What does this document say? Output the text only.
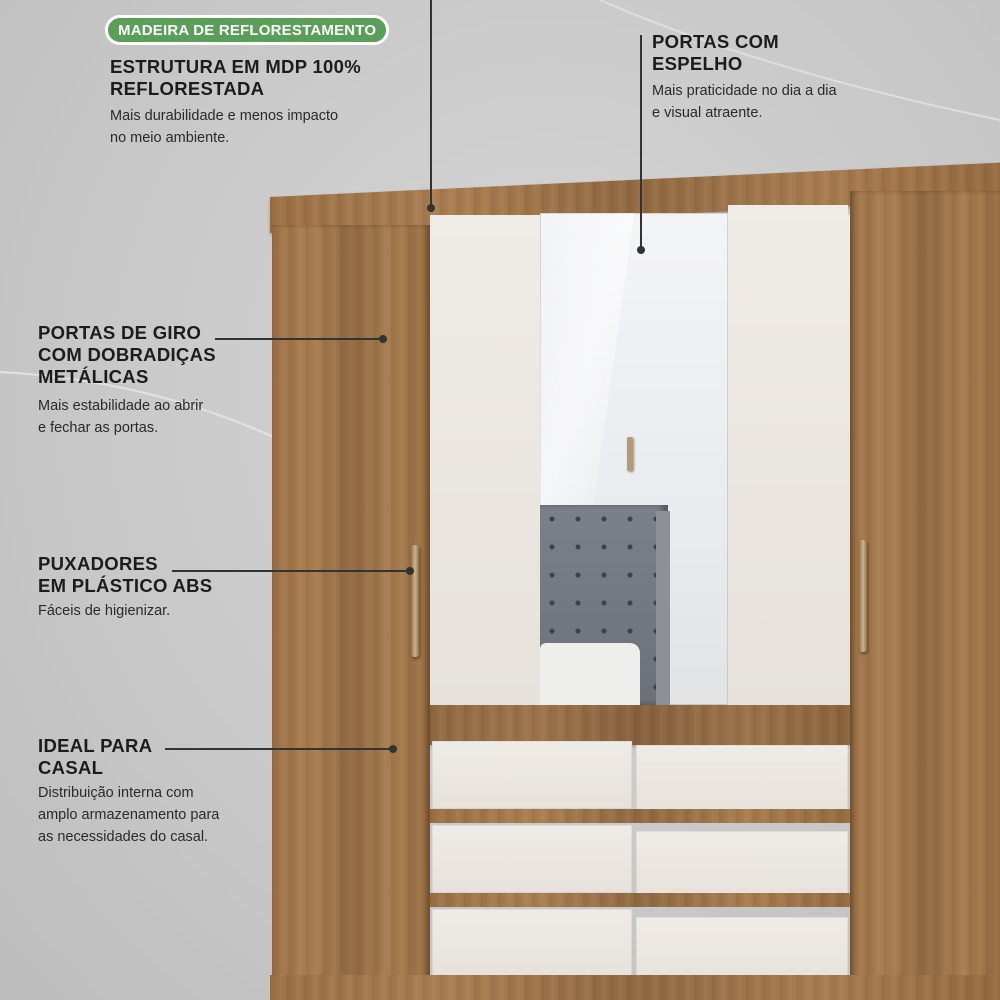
MADEIRA DE REFLORESTAMENTO
ESTRUTURA EM MDP 100%
REFLORESTADA
Mais durabilidade e menos impacto
no meio ambiente.
PORTAS COM
ESPELHO
Mais praticidade no dia a dia
e visual atraente.
PORTAS DE GIRO
COM DOBRADIÇAS
METÁLICAS
Mais estabilidade ao abrir
e fechar as portas.
PUXADORES
EM PLÁSTICO ABS
Fáceis de higienizar.
IDEAL PARA
CASAL
Distribuição interna com
amplo armazenamento para
as necessidades do casal.
